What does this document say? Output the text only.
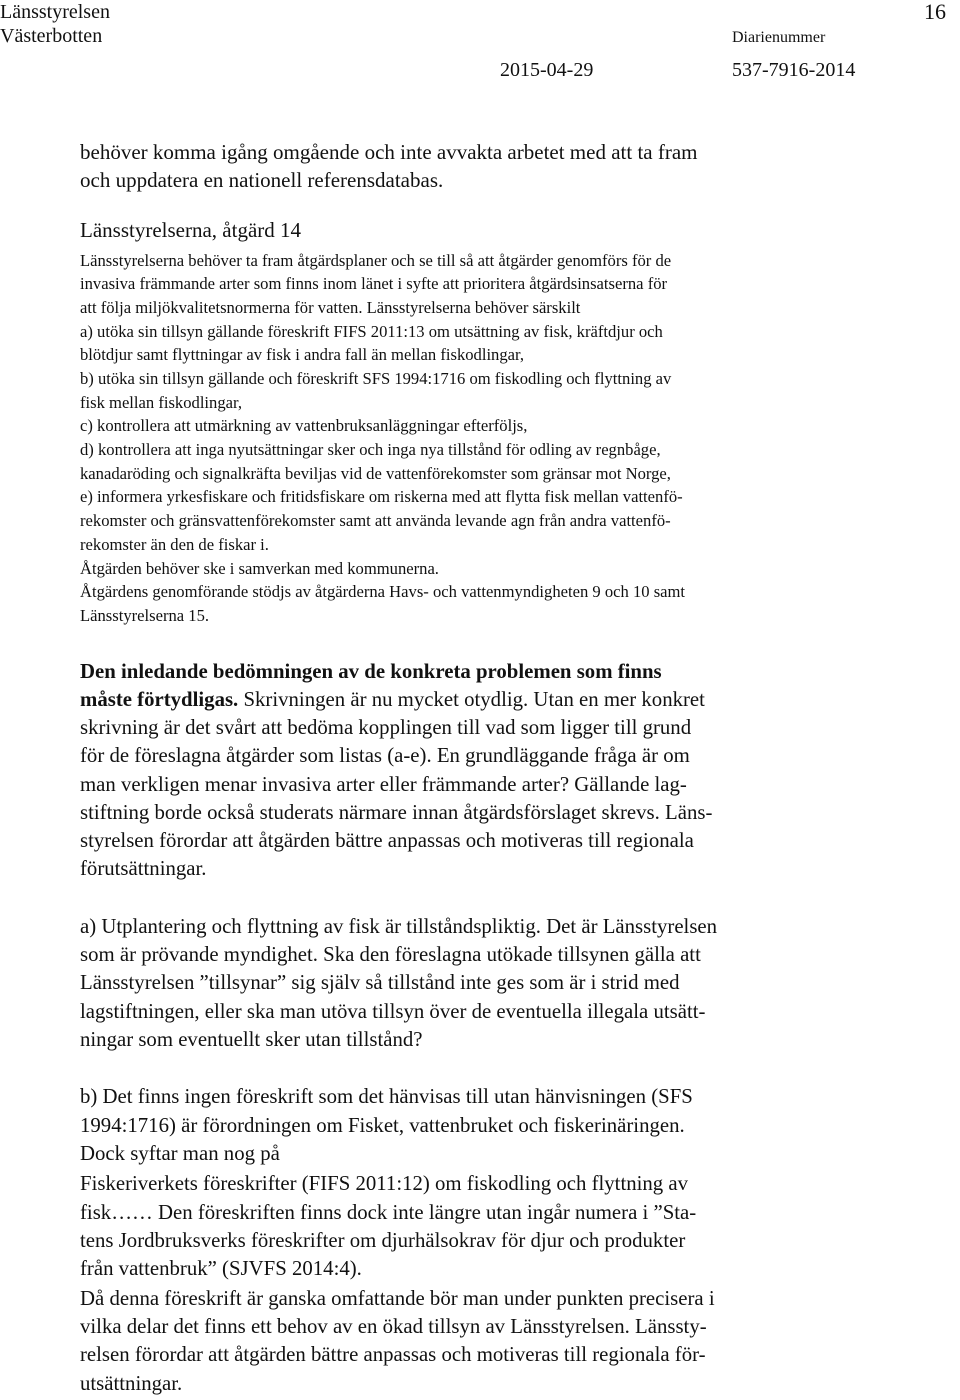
Länsstyrelsen
Västerbotten
16
Diarienummer
2015-04-29	537-7916-2014
behöver komma igång omgående och inte avvakta arbetet med att ta fram
och uppdatera en nationell referensdatabas.
Länsstyrelserna, åtgärd 14
Länsstyrelserna behöver ta fram åtgärdsplaner och se till så att åtgärder genomförs för de
invasiva främmande arter som finns inom länet i syfte att prioritera åtgärdsinsatserna för
att följa miljökvalitetsnormerna för vatten. Länsstyrelserna behöver särskilt
a) utöka sin tillsyn gällande föreskrift FIFS 2011:13 om utsättning av fisk, kräftdjur och
blötdjur samt flyttningar av fisk i andra fall än mellan fiskodlingar,
b) utöka sin tillsyn gällande och föreskrift SFS 1994:1716 om fiskodling och flyttning av
fisk mellan fiskodlingar,
c) kontrollera att utmärkning av vattenbruksanläggningar efterföljs,
d) kontrollera att inga nyutsättningar sker och inga nya tillstånd för odling av regnbåge,
kanadaröding och signalkräfta beviljas vid de vattenförekomster som gränsar mot Norge,
e) informera yrkesfiskare och fritidsfiskare om riskerna med att flytta fisk mellan vattenfö-
rekomster och gränsvattenförekomster samt att använda levande agn från andra vattenfö-
rekomster än den de fiskar i.
Åtgärden behöver ske i samverkan med kommunerna.
Åtgärdens genomförande stödjs av åtgärderna Havs- och vattenmyndigheten 9 och 10 samt
Länsstyrelserna 15.
Den inledande bedömningen av de konkreta problemen som finns
måste förtydligas. Skrivningen är nu mycket otydlig. Utan en mer konkret
skrivning är det svårt att bedöma kopplingen till vad som ligger till grund
för de föreslagna åtgärder som listas (a-e). En grundläggande fråga är om
man verkligen menar invasiva arter eller främmande arter? Gällande lag-
stiftning borde också studerats närmare innan åtgärdsförslaget skrevs. Läns-
styrelsen förordar att åtgärden bättre anpassas och motiveras till regionala
förutsättningar.
a) Utplantering och flyttning av fisk är tillståndspliktig. Det är Länsstyrelsen
som är prövande myndighet. Ska den föreslagna utökade tillsynen gälla att
Länsstyrelsen ”tillsynar” sig själv så tillstånd inte ges som är i strid med
lagstiftningen, eller ska man utöva tillsyn över de eventuella illegala utsätt-
ningar som eventuellt sker utan tillstånd?
b) Det finns ingen föreskrift som det hänvisas till utan hänvisningen (SFS
1994:1716) är förordningen om Fisket, vattenbruket och fiskerinäringen.
Dock syftar man nog på
Fiskeriverkets föreskrifter (FIFS 2011:12) om fiskodling och flyttning av
fisk…… Den föreskriften finns dock inte längre utan ingår numera i ”Sta-
tens Jordbruksverks föreskrifter om djurhälsokrav för djur och produkter
från vattenbruk” (SJVFS 2014:4).
Då denna föreskrift är ganska omfattande bör man under punkten precisera i
vilka delar det finns ett behov av en ökad tillsyn av Länsstyrelsen. Länssty-
relsen förordar att åtgärden bättre anpassas och motiveras till regionala för-
utsättningar.
